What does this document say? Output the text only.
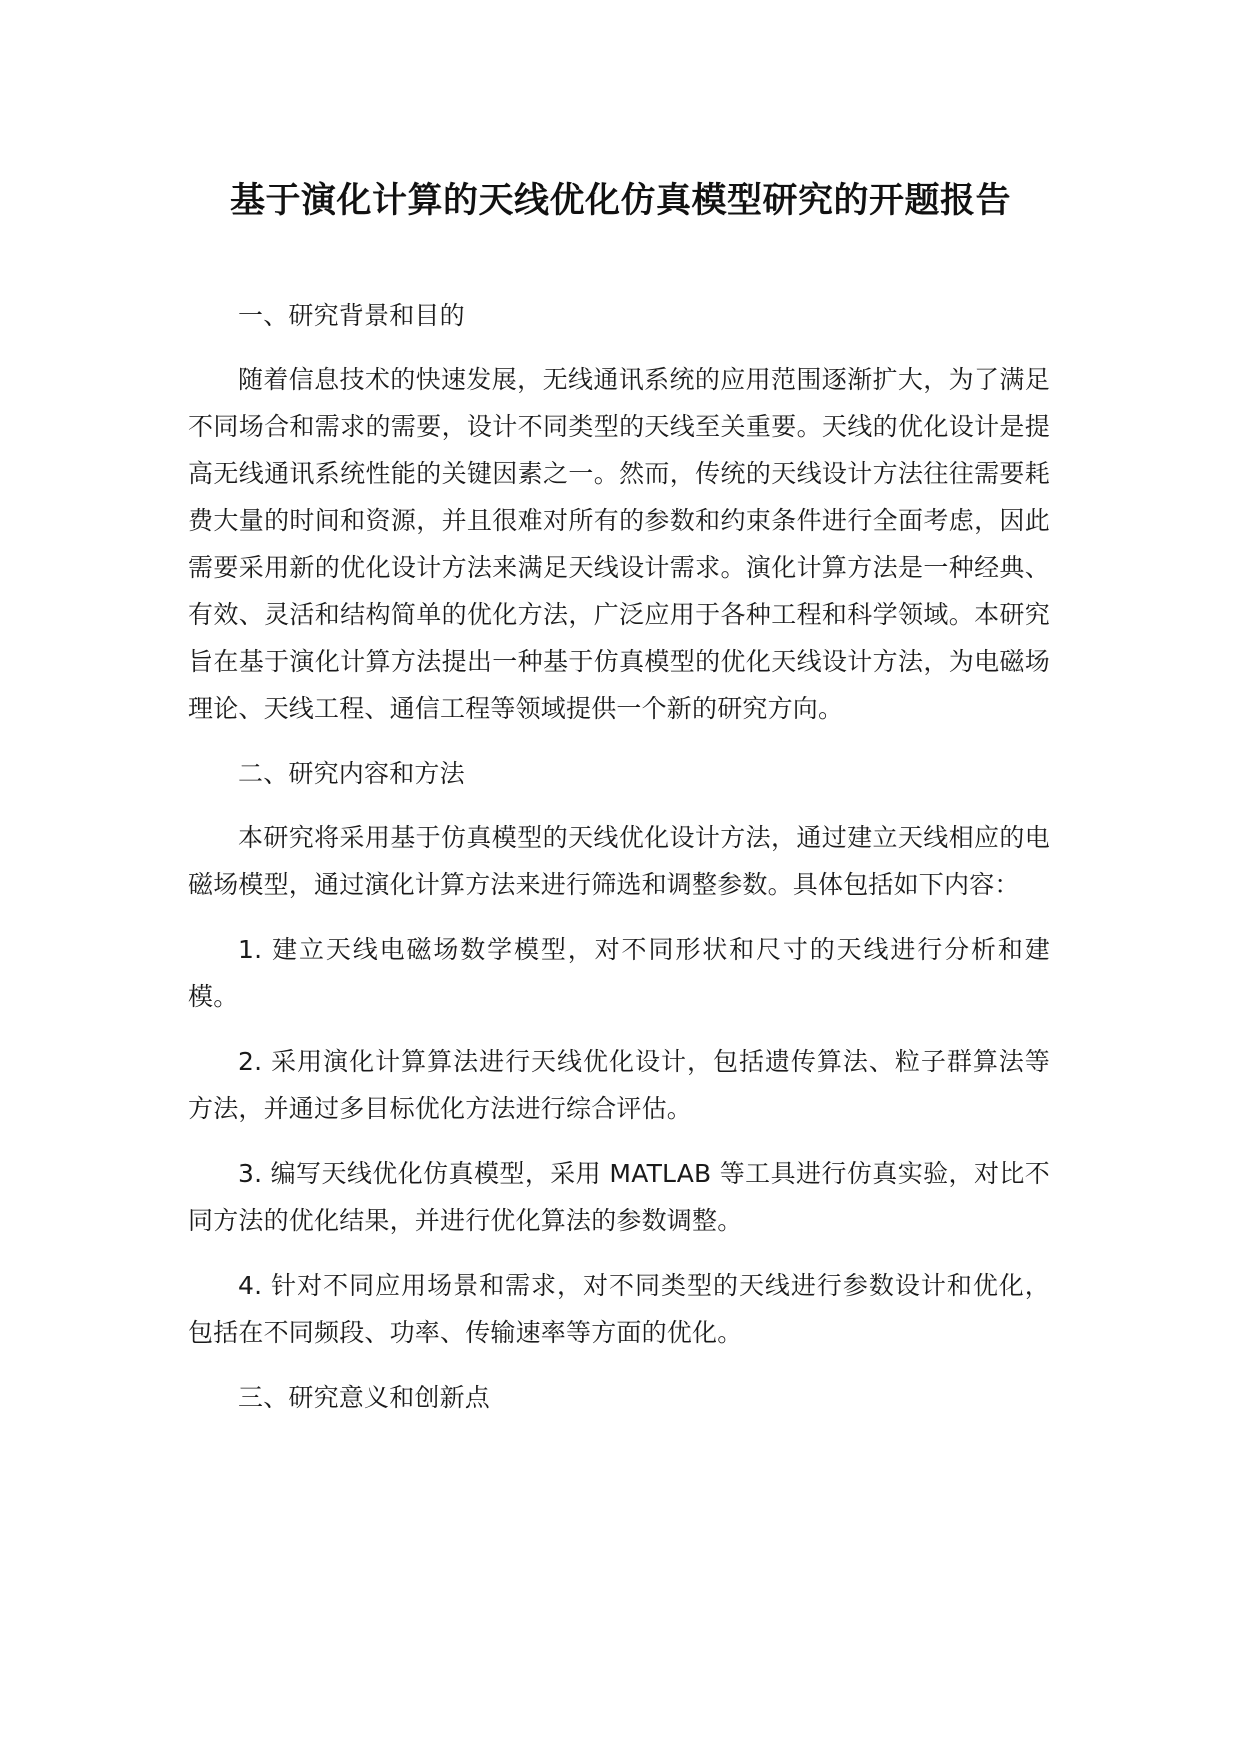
基于演化计算的天线优化仿真模型研究的开题报告

一、研究背景和目的

随着信息技术的快速发展，无线通讯系统的应用范围逐渐扩大，为了满足不同场合和需求的需要，设计不同类型的天线至关重要。天线的优化设计是提高无线通讯系统性能的关键因素之一。然而，传统的天线设计方法往往需要耗费大量的时间和资源，并且很难对所有的参数和约束条件进行全面考虑，因此需要采用新的优化设计方法来满足天线设计需求。演化计算方法是一种经典、有效、灵活和结构简单的优化方法，广泛应用于各种工程和科学领域。本研究旨在基于演化计算方法提出一种基于仿真模型的优化天线设计方法，为电磁场理论、天线工程、通信工程等领域提供一个新的研究方向。

二、研究内容和方法

本研究将采用基于仿真模型的天线优化设计方法，通过建立天线相应的电磁场模型，通过演化计算方法来进行筛选和调整参数。具体包括如下内容：

1. 建立天线电磁场数学模型，对不同形状和尺寸的天线进行分析和建模。

2. 采用演化计算算法进行天线优化设计，包括遗传算法、粒子群算法等方法，并通过多目标优化方法进行综合评估。

3. 编写天线优化仿真模型，采用 MATLAB 等工具进行仿真实验，对比不同方法的优化结果，并进行优化算法的参数调整。

4. 针对不同应用场景和需求，对不同类型的天线进行参数设计和优化，包括在不同频段、功率、传输速率等方面的优化。

三、研究意义和创新点
